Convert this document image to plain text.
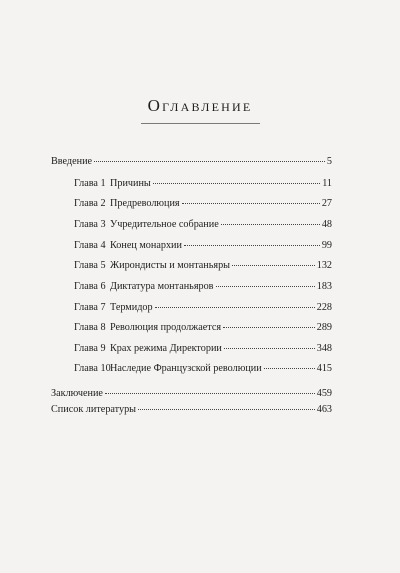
Оглавление
Введение	5
Глава 1 Причины	11
Глава 2 Предреволюция	27
Глава 3 Учредительное собрание	48
Глава 4 Конец монархии	99
Глава 5 Жирондисты и монтаньяры	132
Глава 6 Диктатура монтаньяров	183
Глава 7 Термидор	228
Глава 8 Революция продолжается	289
Глава 9 Крах режима Директории	348
Глава 10 Наследие Французской революции	415
Заключение	459
Список литературы	463
